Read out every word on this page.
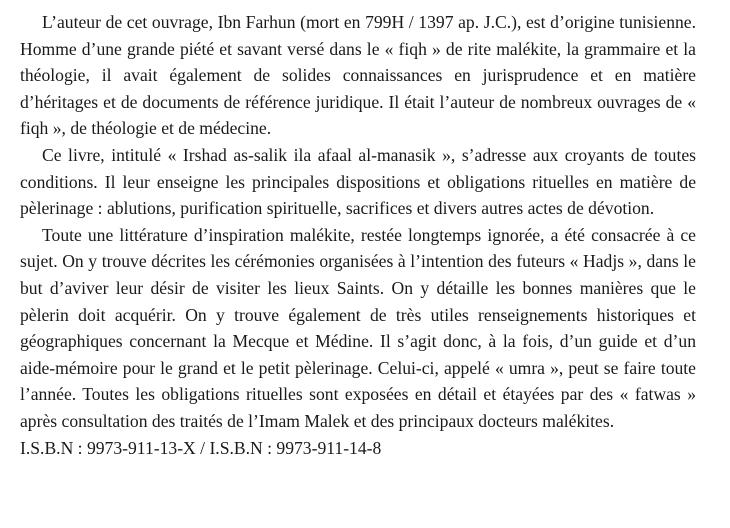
L’auteur de cet ouvrage, Ibn Farhun (mort en 799H / 1397 ap. J.C.), est d’origine tunisienne. Homme d’une grande piété et savant versé dans le « fiqh » de rite malékite, la grammaire et la théologie, il avait également de solides connaissances en jurisprudence et en matière d’héritages et de documents de référence juridique. Il était l’auteur de nombreux ouvrages de « fiqh », de théologie et de médecine.

Ce livre, intitulé « Irshad as-salik ila afaal al-manasik », s’adresse aux croyants de toutes conditions. Il leur enseigne les principales dispositions et obligations rituelles en matière de pèlerinage : ablutions, purification spirituelle, sacrifices et divers autres actes de dévotion.

Toute une littérature d’inspiration malékite, restée longtemps ignorée, a été consacrée à ce sujet. On y trouve décrites les cérémonies organisées à l’intention des futeurs « Hadjs », dans le but d’aviver leur désir de visiter les lieux Saints. On y détaille les bonnes manières que le pèlerin doit acquérir. On y trouve également de très utiles renseignements historiques et géographiques concernant la Mecque et Médine. Il s’agit donc, à la fois, d’un guide et d’un aide-mémoire pour le grand et le petit pèlerinage. Celui-ci, appelé « umra », peut se faire toute l’année. Toutes les obligations rituelles sont exposées en détail et étayées par des « fatwas » après consultation des traités de l’Imam Malek et des principaux docteurs malékites.

I.S.B.N : 9973-911-13-X / I.S.B.N : 9973-911-14-8
